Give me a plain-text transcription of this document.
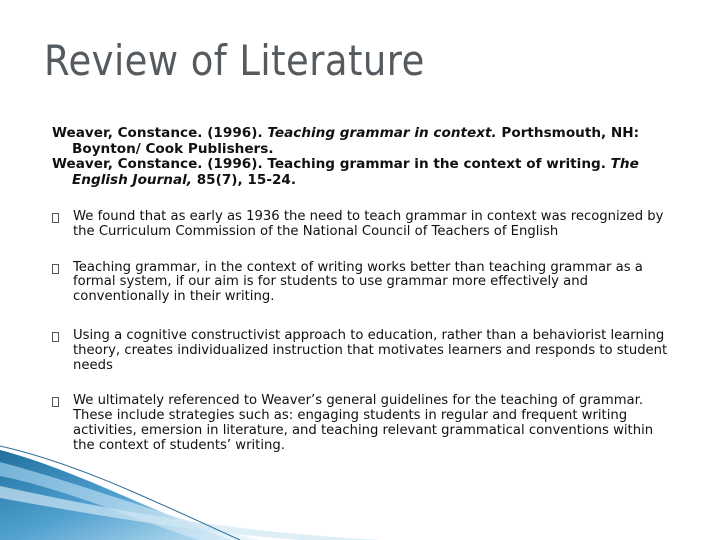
Review of Literature

Weaver, Constance. (1996). Teaching grammar in context. Porthsmouth, NH: Boynton/ Cook Publishers.

Weaver, Constance. (1996). Teaching grammar in the context of writing. The English Journal, 85(7), 15-24.

We found that as early as 1936 the need to teach grammar in context was recognized by the Curriculum Commission of the National Council of Teachers of English
Teaching grammar, in the context of writing works better than teaching grammar as a formal system, if our aim is for students to use grammar more effectively and conventionally in their writing.
Using a cognitive constructivist approach to education, rather than a behaviorist learning theory, creates individualized instruction that motivates learners and responds to student needs
We ultimately referenced to Weaver’s general guidelines for the teaching of grammar. These include strategies such as: engaging students in regular and frequent writing activities, emersion in literature, and teaching relevant grammatical conventions within the context of students’ writing.
